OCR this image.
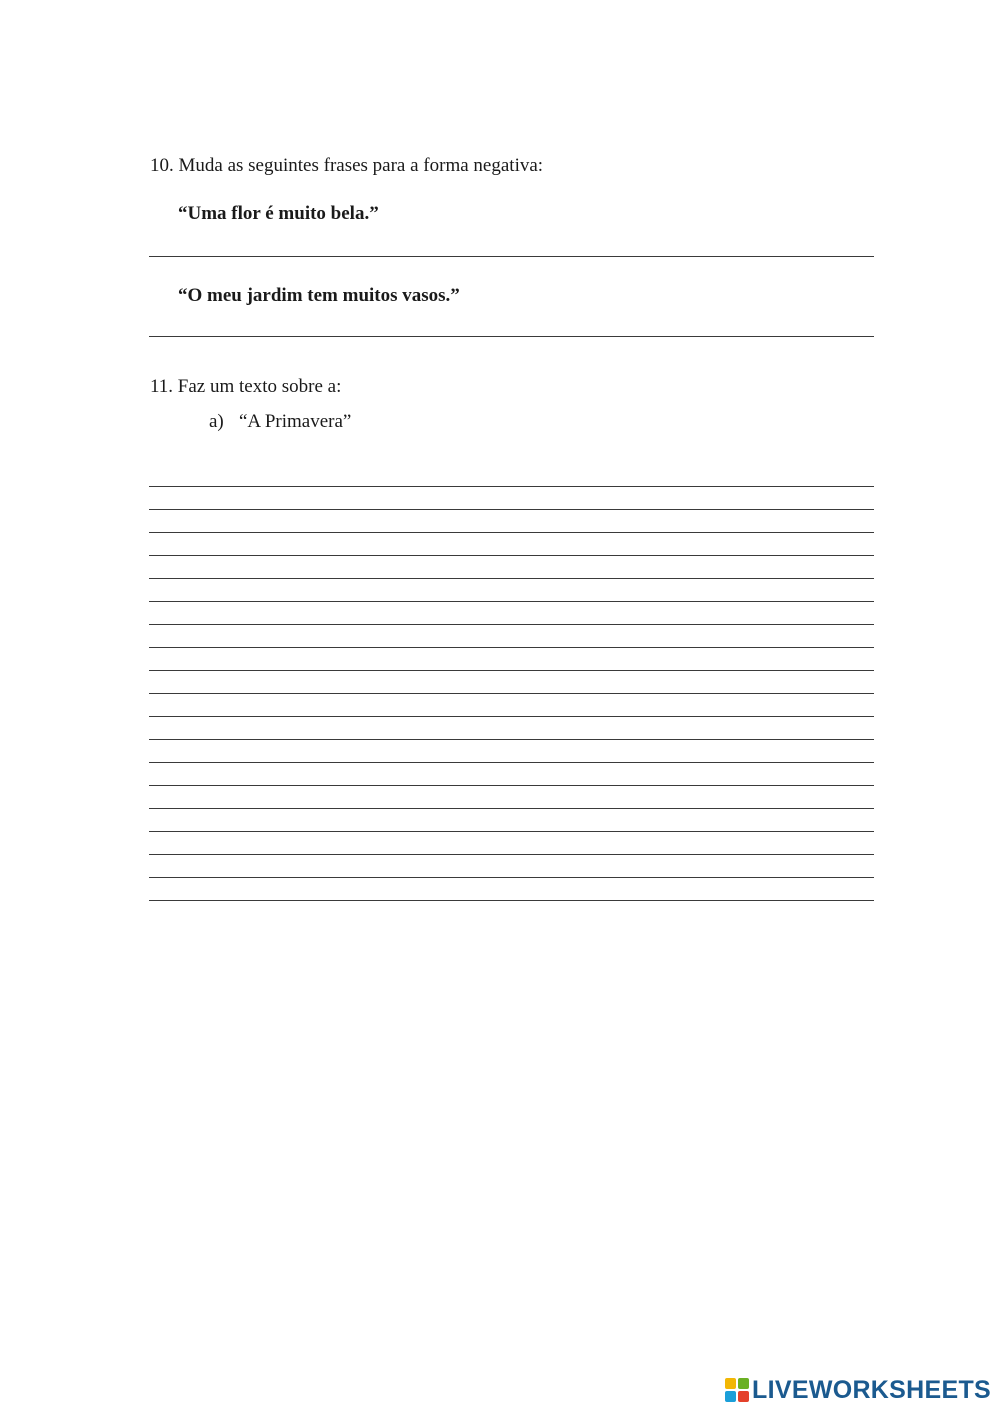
10. Muda as seguintes frases para a forma negativa:
“Uma flor é muito bela.”
“O meu jardim tem muitos vasos.”
11. Faz um texto sobre a:
a) “A Primavera”
LIVEWORKSHEETS
